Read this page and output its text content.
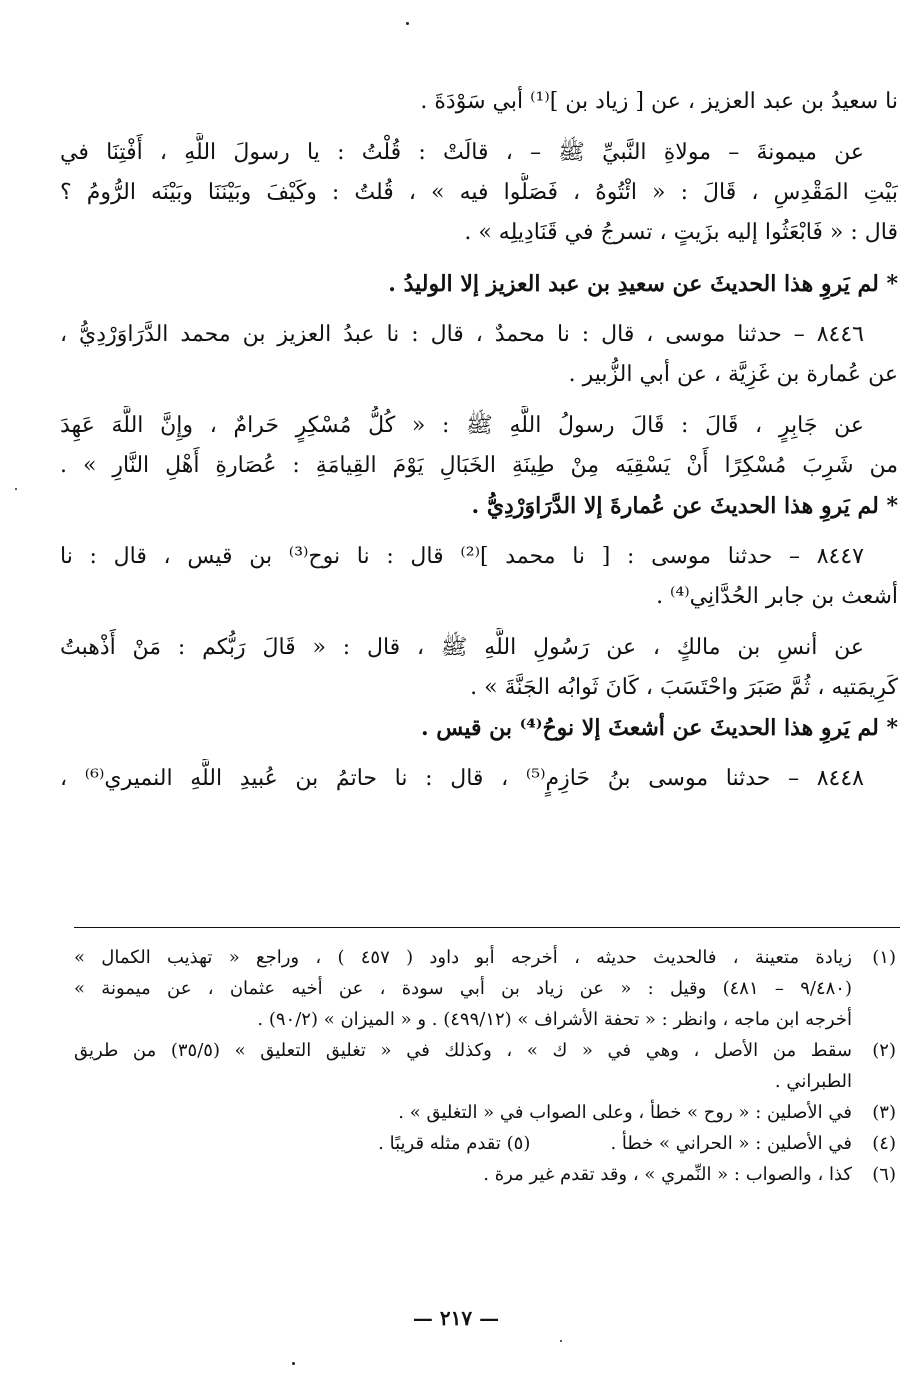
نا سعيدُ بن عبد العزيز ، عن [ زياد بن ]⁽¹⁾ أبي سَوْدَةَ .
عن ميمونةَ – مولاةِ النَّبيِّ ﷺ – ، قالَتْ : قُلْتُ : يا رسولَ اللَّهِ ، أَفْتِنَا في
بَيْتِ المَقْدِسِ ، قَالَ : « ائْتُوهُ ، فَصَلُّوا فيه » ، قُلتُ : وكَيْفَ وبَيْنَنَا وبَيْنَه الرُّومُ ؟
قال : « فَابْعَثُوا إليه بزَيتٍ ، تسرجُ في قَنَادِيلِه » .
* لم يَروِ هذا الحديثَ عن سعيدِ بن عبد العزيز إلا الوليدُ .
٨٤٤٦ – حدثنا موسى ، قال : نا محمدٌ ، قال : نا عبدُ العزيز بن محمد الدَّرَاوَرْدِيُّ ،
عن عُمارة بن غَزِيَّة ، عن أبي الزُّبير .
عن جَابِرٍ ، قَالَ : قَالَ رسولُ اللَّهِ ﷺ : « كُلُّ مُسْكِرٍ حَرامٌ ، وإِنَّ اللَّهَ عَهِدَ
من شَرِبَ مُسْكِرًا أَنْ يَسْقِيَه مِنْ طِينَةِ الخَبَالِ يَوْمَ القِيامَةِ : عُصَارةِ أَهْلِ النَّارِ » .
* لم يَروِ هذا الحديثَ عن عُمارةَ إلا الدَّرَاوَرْدِيُّ .
٨٤٤٧ – حدثنا موسى : [ نا محمد ]⁽²⁾ قال : نا نوح⁽³⁾ بن قيس ، قال : نا
أشعث بن جابر الحُدَّانِي⁽⁴⁾ .
عن أنسِ بن مالكٍ ، عن رَسُولِ اللَّهِ ﷺ ، قال : « قَالَ رَبُّكم : مَنْ أَذْهبتُ
كَرِيمَتيه ، ثُمَّ صَبَرَ واحْتَسَبَ ، كَانَ ثَوابُه الجَنَّةَ » .
* لم يَروِ هذا الحديثَ عن أشعثَ إلا نوحُ⁽⁴⁾ بن قيس .
٨٤٤٨ – حدثنا موسى بنُ حَازِمٍ⁽⁵⁾ ، قال : نا حاتمُ بن عُبيدِ اللَّهِ النميري⁽⁶⁾ ،
(١)
زيادة متعينة ، فالحديث حديثه ، أخرجه أبو داود ( ٤٥٧ ) ، وراجع « تهذيب الكمال »
(٩/٤٨٠ – ٤٨١) وقيل : « عن زياد بن أبي سودة ، عن أخيه عثمان ، عن ميمونة »
أخرجه ابن ماجه ، وانظر : « تحفة الأشراف » (٤٩٩/١٢) . و « الميزان » (٩٠/٢) .
(٢)
سقط من الأصل ، وهي في « ك » ، وكذلك في « تغليق التعليق » (٣٥/٥) من طريق
الطبراني .
(٣)
في الأصلين : « روح » خطأ ، وعلى الصواب في « التغليق » .
(٤)
في الأصلين : « الحراني » خطأ .              (٥) تقدم مثله قريبًا .
(٦)
كذا ، والصواب : « النِّمري » ، وقد تقدم غير مرة .
— ٢١٧ —
